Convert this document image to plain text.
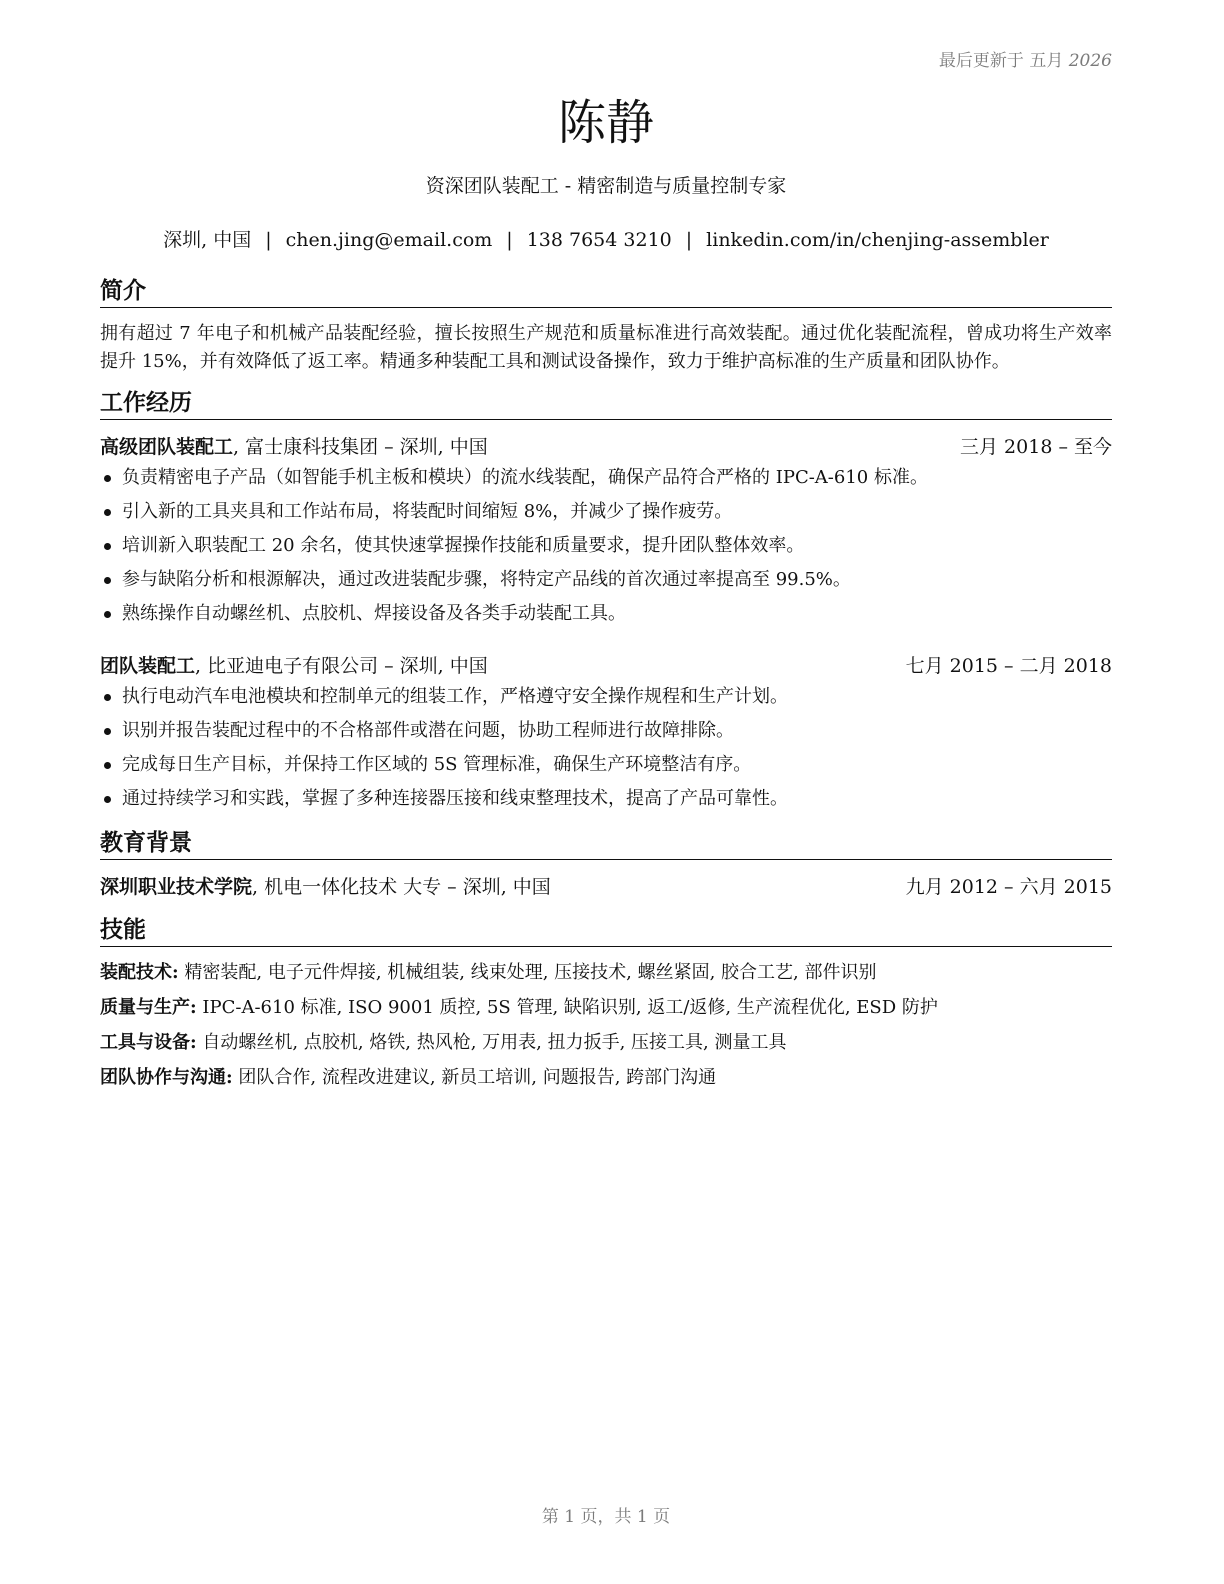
最后更新于 五月 2026
陈静
资深团队装配工 - 精密制造与质量控制专家
深圳, 中国 | chen.jing@email.com | 138 7654 3210 | linkedin.com/in/chenjing-assembler
简介
拥有超过 7 年电子和机械产品装配经验，擅长按照生产规范和质量标准进行高效装配。通过优化装配流程，曾成功将生产效率提升 15%，并有效降低了返工率。精通多种装配工具和测试设备操作，致力于维护高标准的生产质量和团队协作。
工作经历
高级团队装配工, 富士康科技集团 – 深圳, 中国	三月 2018 – 至今
负责精密电子产品（如智能手机主板和模块）的流水线装配，确保产品符合严格的 IPC-A-610 标准。
引入新的工具夹具和工作站布局，将装配时间缩短 8%，并减少了操作疲劳。
培训新入职装配工 20 余名，使其快速掌握操作技能和质量要求，提升团队整体效率。
参与缺陷分析和根源解决，通过改进装配步骤，将特定产品线的首次通过率提高至 99.5%。
熟练操作自动螺丝机、点胶机、焊接设备及各类手动装配工具。
团队装配工, 比亚迪电子有限公司 – 深圳, 中国	七月 2015 – 二月 2018
执行电动汽车电池模块和控制单元的组装工作，严格遵守安全操作规程和生产计划。
识别并报告装配过程中的不合格部件或潜在问题，协助工程师进行故障排除。
完成每日生产目标，并保持工作区域的 5S 管理标准，确保生产环境整洁有序。
通过持续学习和实践，掌握了多种连接器压接和线束整理技术，提高了产品可靠性。
教育背景
深圳职业技术学院, 机电一体化技术 大专 – 深圳, 中国	九月 2012 – 六月 2015
技能
装配技术: 精密装配, 电子元件焊接, 机械组装, 线束处理, 压接技术, 螺丝紧固, 胶合工艺, 部件识别
质量与生产: IPC-A-610 标准, ISO 9001 质控, 5S 管理, 缺陷识别, 返工/返修, 生产流程优化, ESD 防护
工具与设备: 自动螺丝机, 点胶机, 烙铁, 热风枪, 万用表, 扭力扳手, 压接工具, 测量工具
团队协作与沟通: 团队合作, 流程改进建议, 新员工培训, 问题报告, 跨部门沟通
第 1 页，共 1 页
